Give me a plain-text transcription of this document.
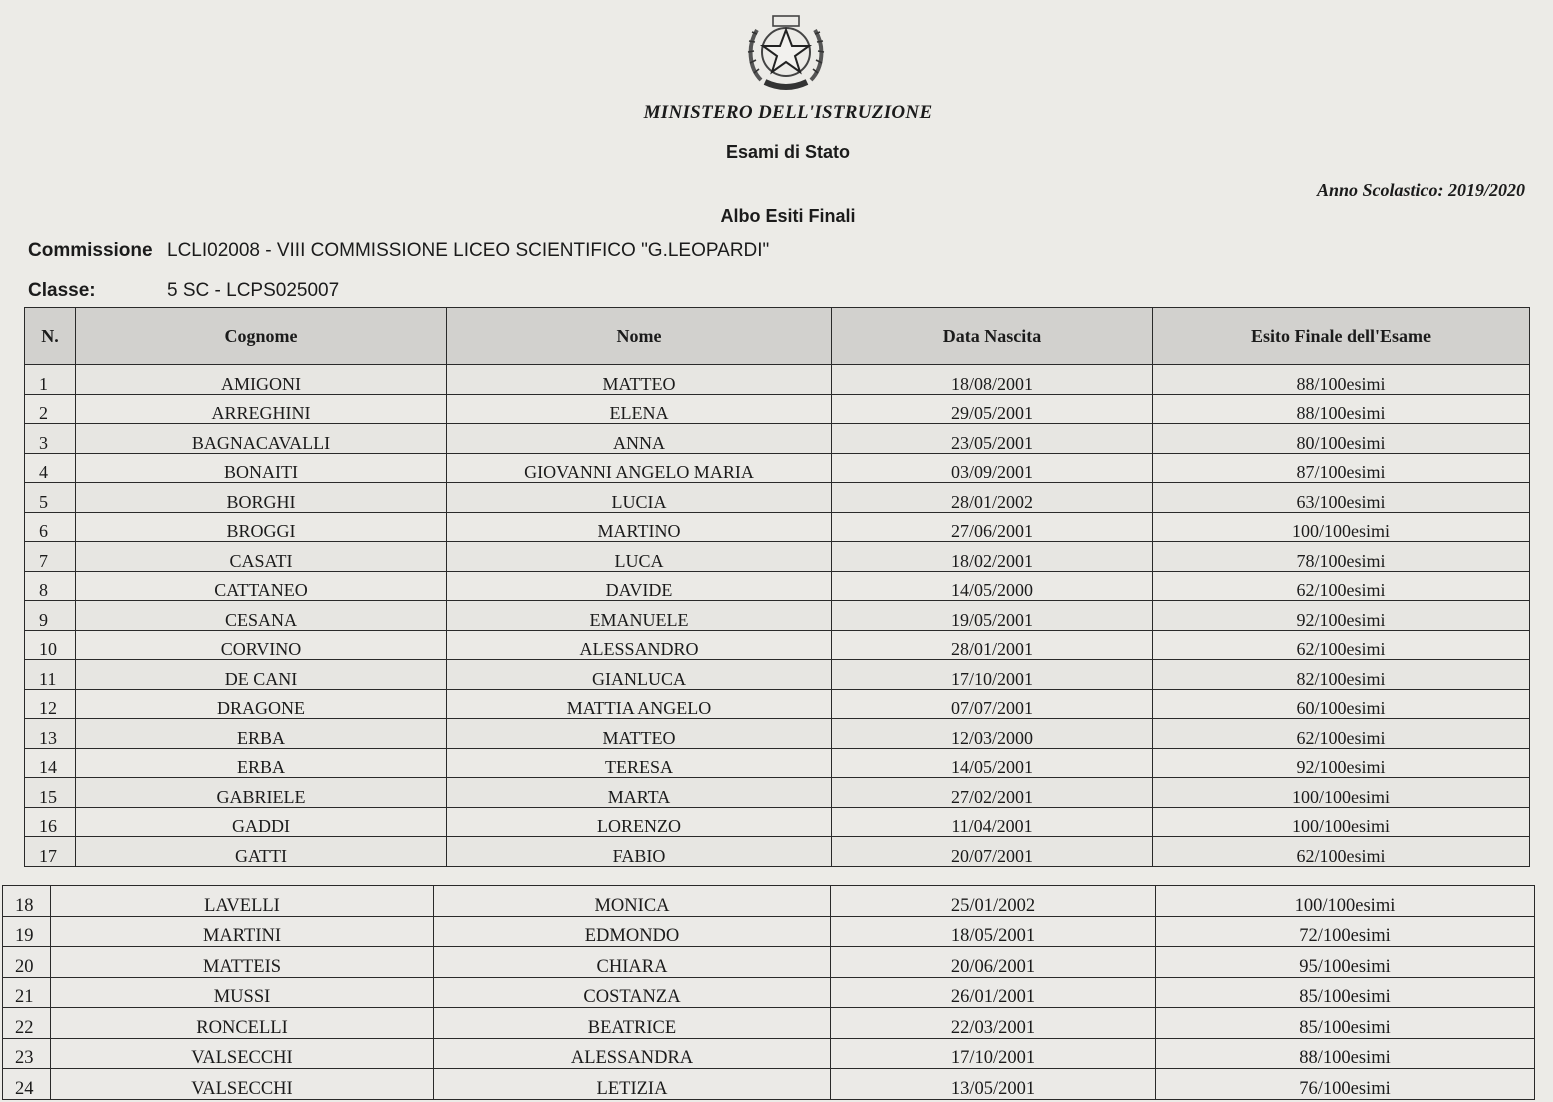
MINISTERO DELL'ISTRUZIONE
Esami di Stato
Anno Scolastico: 2019/2020
Albo Esiti Finali
Commissione LCLI02008 - VIII COMMISSIONE LICEO SCIENTIFICO "G.LEOPARDI"
Classe:	5 SC - LCPS025007
N.	Cognome	Nome	Data Nascita	Esito Finale dell'Esame
1	AMIGONI	MATTEO	18/08/2001	88/100esimi
2	ARREGHINI	ELENA	29/05/2001	88/100esimi
3	BAGNACAVALLI	ANNA	23/05/2001	80/100esimi
4	BONAITI	GIOVANNI ANGELO MARIA	03/09/2001	87/100esimi
5	BORGHI	LUCIA	28/01/2002	63/100esimi
6	BROGGI	MARTINO	27/06/2001	100/100esimi
7	CASATI	LUCA	18/02/2001	78/100esimi
8	CATTANEO	DAVIDE	14/05/2000	62/100esimi
9	CESANA	EMANUELE	19/05/2001	92/100esimi
10	CORVINO	ALESSANDRO	28/01/2001	62/100esimi
11	DE CANI	GIANLUCA	17/10/2001	82/100esimi
12	DRAGONE	MATTIA ANGELO	07/07/2001	60/100esimi
13	ERBA	MATTEO	12/03/2000	62/100esimi
14	ERBA	TERESA	14/05/2001	92/100esimi
15	GABRIELE	MARTA	27/02/2001	100/100esimi
16	GADDI	LORENZO	11/04/2001	100/100esimi
17	GATTI	FABIO	20/07/2001	62/100esimi
18	LAVELLI	MONICA	25/01/2002	100/100esimi
19	MARTINI	EDMONDO	18/05/2001	72/100esimi
20	MATTEIS	CHIARA	20/06/2001	95/100esimi
21	MUSSI	COSTANZA	26/01/2001	85/100esimi
22	RONCELLI	BEATRICE	22/03/2001	85/100esimi
23	VALSECCHI	ALESSANDRA	17/10/2001	88/100esimi
24	VALSECCHI	LETIZIA	13/05/2001	76/100esimi
